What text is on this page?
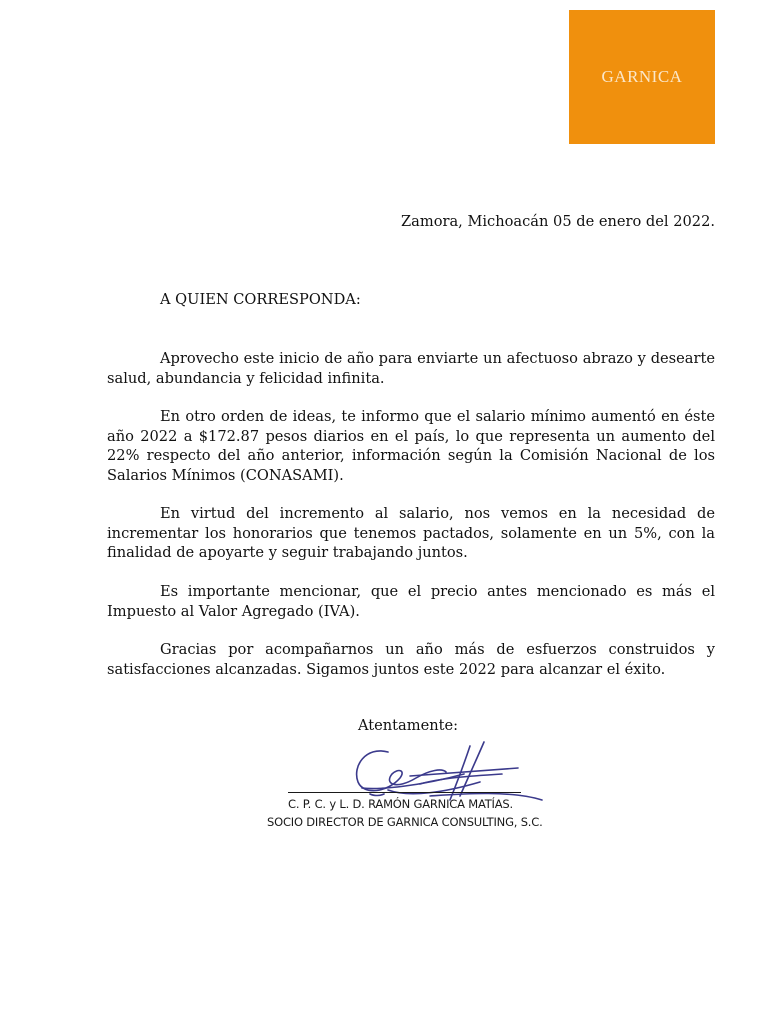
GARNICA
Zamora, Michoacán 05 de enero del 2022.
A QUIEN CORRESPONDA:

Aprovecho este inicio de año para enviarte un afectuoso abrazo y desearte salud, abundancia y felicidad infinita.

En otro orden de ideas, te informo que el salario mínimo aumentó en éste año 2022 a $172.87 pesos diarios en el país, lo que representa un aumento del 22% respecto del año anterior, información según la Comisión Nacional de los Salarios Mínimos (CONASAMI).

En virtud del incremento al salario, nos vemos en la necesidad de incrementar los honorarios que tenemos pactados, solamente en un 5%, con la finalidad de apoyarte y seguir trabajando juntos.

Es importante mencionar, que el precio antes mencionado es más el Impuesto al Valor Agregado (IVA).

Gracias por acompañarnos un año más de esfuerzos construidos y satisfacciones alcanzadas. Sigamos juntos este 2022 para alcanzar el éxito.

Atentamente:
C. P. C. y L. D. RAMÓN GARNICA MATÍAS.
SOCIO DIRECTOR DE GARNICA CONSULTING, S.C.
